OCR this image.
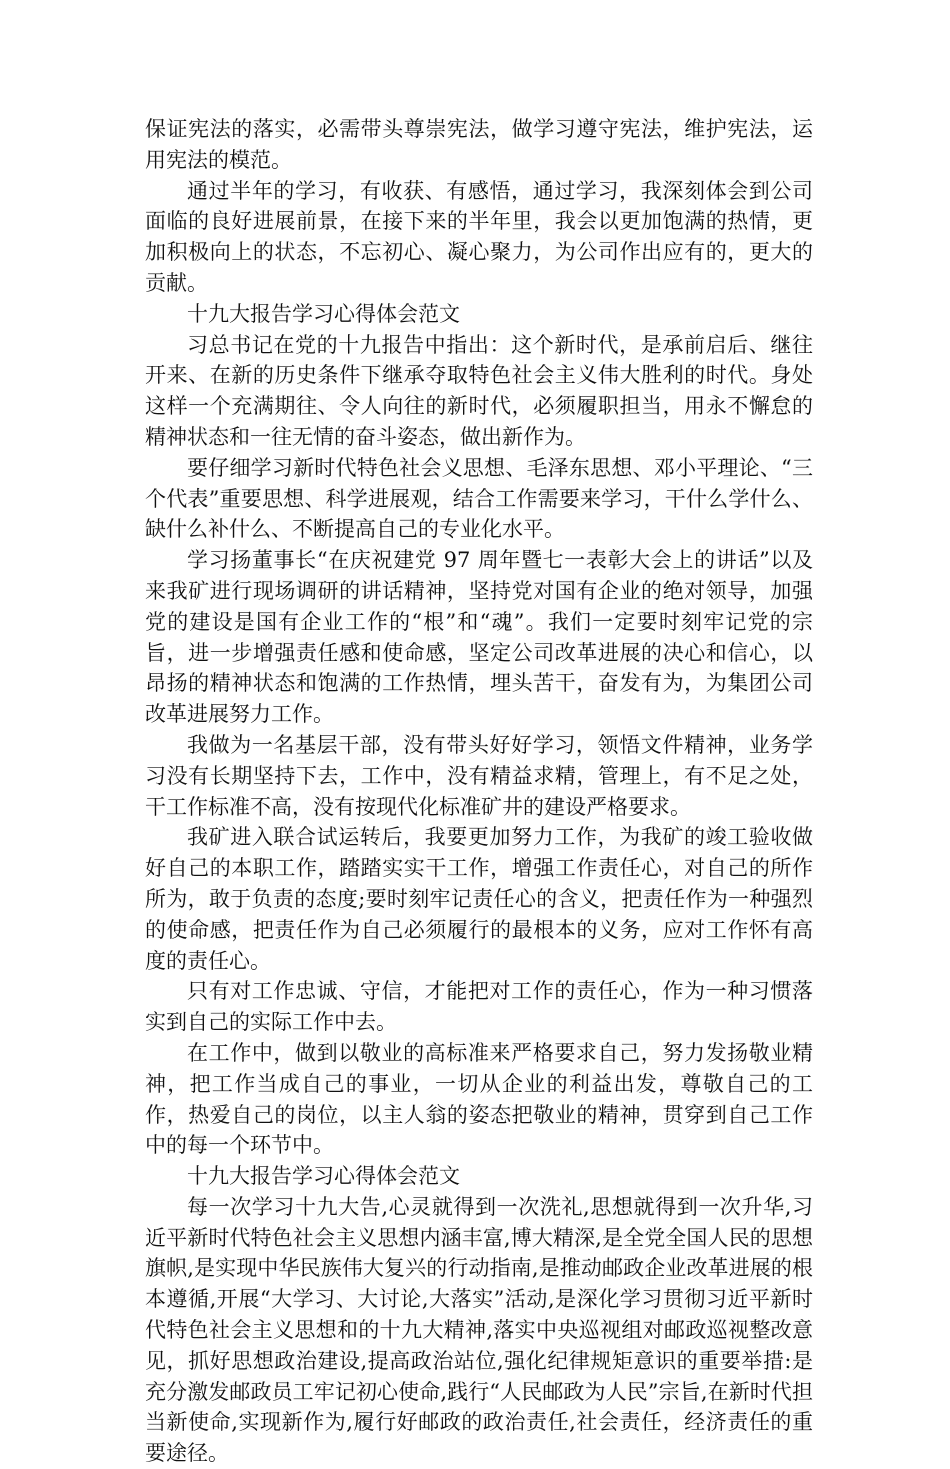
保证宪法的落实，必需带头尊崇宪法，做学习遵守宪法，维护宪法，运用宪法的模范。

通过半年的学习，有收获、有感悟，通过学习，我深刻体会到公司面临的良好进展前景，在接下来的半年里，我会以更加饱满的热情，更加积极向上的状态，不忘初心、凝心聚力，为公司作出应有的，更大的贡献。

十九大报告学习心得体会范文

习总书记在党的十九报告中指出：这个新时代，是承前启后、继往开来、在新的历史条件下继承夺取特色社会主义伟大胜利的时代。身处这样一个充满期往、令人向往的新时代，必须履职担当，用永不懈怠的精神状态和一往无情的奋斗姿态，做出新作为。

要仔细学习新时代特色社会义思想、毛泽东思想、邓小平理论、“三个代表”重要思想、科学进展观，结合工作需要来学习，干什么学什么、缺什么补什么、不断提高自己的专业化水平。

学习扬董事长“在庆祝建党 97 周年暨七一表彰大会上的讲话”以及来我矿进行现场调研的讲话精神，坚持党对国有企业的绝对领导，加强党的建设是国有企业工作的“根”和“魂”。我们一定要时刻牢记党的宗旨，进一步增强责任感和使命感，坚定公司改革进展的决心和信心，以昂扬的精神状态和饱满的工作热情，埋头苦干，奋发有为，为集团公司改革进展努力工作。

我做为一名基层干部，没有带头好好学习，领悟文件精神，业务学习没有长期坚持下去，工作中，没有精益求精，管理上，有不足之处，干工作标准不高，没有按现代化标准矿井的建设严格要求。

我矿进入联合试运转后，我要更加努力工作，为我矿的竣工验收做好自己的本职工作，踏踏实实干工作，增强工作责任心，对自己的所作所为，敢于负责的态度;要时刻牢记责任心的含义，把责任作为一种强烈的使命感，把责任作为自己必须履行的最根本的义务，应对工作怀有高度的责任心。

只有对工作忠诚、守信，才能把对工作的责任心，作为一种习惯落实到自己的实际工作中去。

在工作中，做到以敬业的高标准来严格要求自己，努力发扬敬业精神，把工作当成自己的事业，一切从企业的利益出发，尊敬自己的工作，热爱自己的岗位，以主人翁的姿态把敬业的精神，贯穿到自己工作中的每一个环节中。

十九大报告学习心得体会范文

每一次学习十九大告,心灵就得到一次洗礼,思想就得到一次升华,习近平新时代特色社会主义思想内涵丰富,博大精深,是全党全国人民的思想旗帜,是实现中华民族伟大复兴的行动指南,是推动邮政企业改革进展的根本遵循,开展“大学习、大讨论,大落实”活动,是深化学习贯彻习近平新时代特色社会主义思想和的十九大精神,落实中央巡视组对邮政巡视整改意见，抓好思想政治建设,提高政治站位,强化纪律规矩意识的重要举措:是充分激发邮政员工牢记初心使命,践行“人民邮政为人民”宗旨,在新时代担当新使命,实现新作为,履行好邮政的政治责任,社会责任，经济责任的重要途径。
